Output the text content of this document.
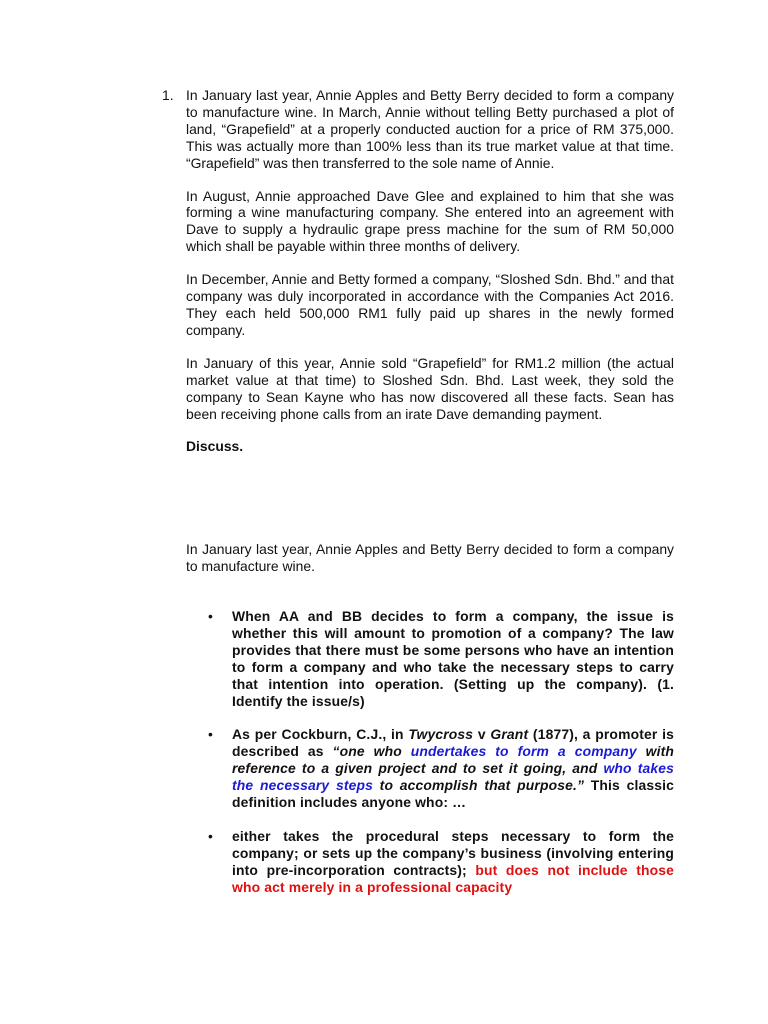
1. In January last year, Annie Apples and Betty Berry decided to form a company to manufacture wine. In March, Annie without telling Betty purchased a plot of land, “Grapefield” at a properly conducted auction for a price of RM 375,000. This was actually more than 100% less than its true market value at that time. “Grapefield” was then transferred to the sole name of Annie.

In August, Annie approached Dave Glee and explained to him that she was forming a wine manufacturing company. She entered into an agreement with Dave to supply a hydraulic grape press machine for the sum of RM 50,000 which shall be payable within three months of delivery.

In December, Annie and Betty formed a company, “Sloshed Sdn. Bhd.” and that company was duly incorporated in accordance with the Companies Act 2016. They each held 500,000 RM1 fully paid up shares in the newly formed company.

In January of this year, Annie sold “Grapefield” for RM1.2 million (the actual market value at that time) to Sloshed Sdn. Bhd. Last week, they sold the company to Sean Kayne who has now discovered all these facts. Sean has been receiving phone calls from an irate Dave demanding payment.

Discuss.

In January last year, Annie Apples and Betty Berry decided to form a company to manufacture wine.

• When AA and BB decides to form a company, the issue is whether this will amount to promotion of a company? The law provides that there must be some persons who have an intention to form a company and who take the necessary steps to carry that intention into operation. (Setting up the company). (1. Identify the issue/s)
• As per Cockburn, C.J., in Twycross v Grant (1877), a promoter is described as “one who undertakes to form a company with reference to a given project and to set it going, and who takes the necessary steps to accomplish that purpose.” This classic definition includes anyone who: …
• either takes the procedural steps necessary to form the company; or sets up the company’s business (involving entering into pre-incorporation contracts); but does not include those who act merely in a professional capacity
